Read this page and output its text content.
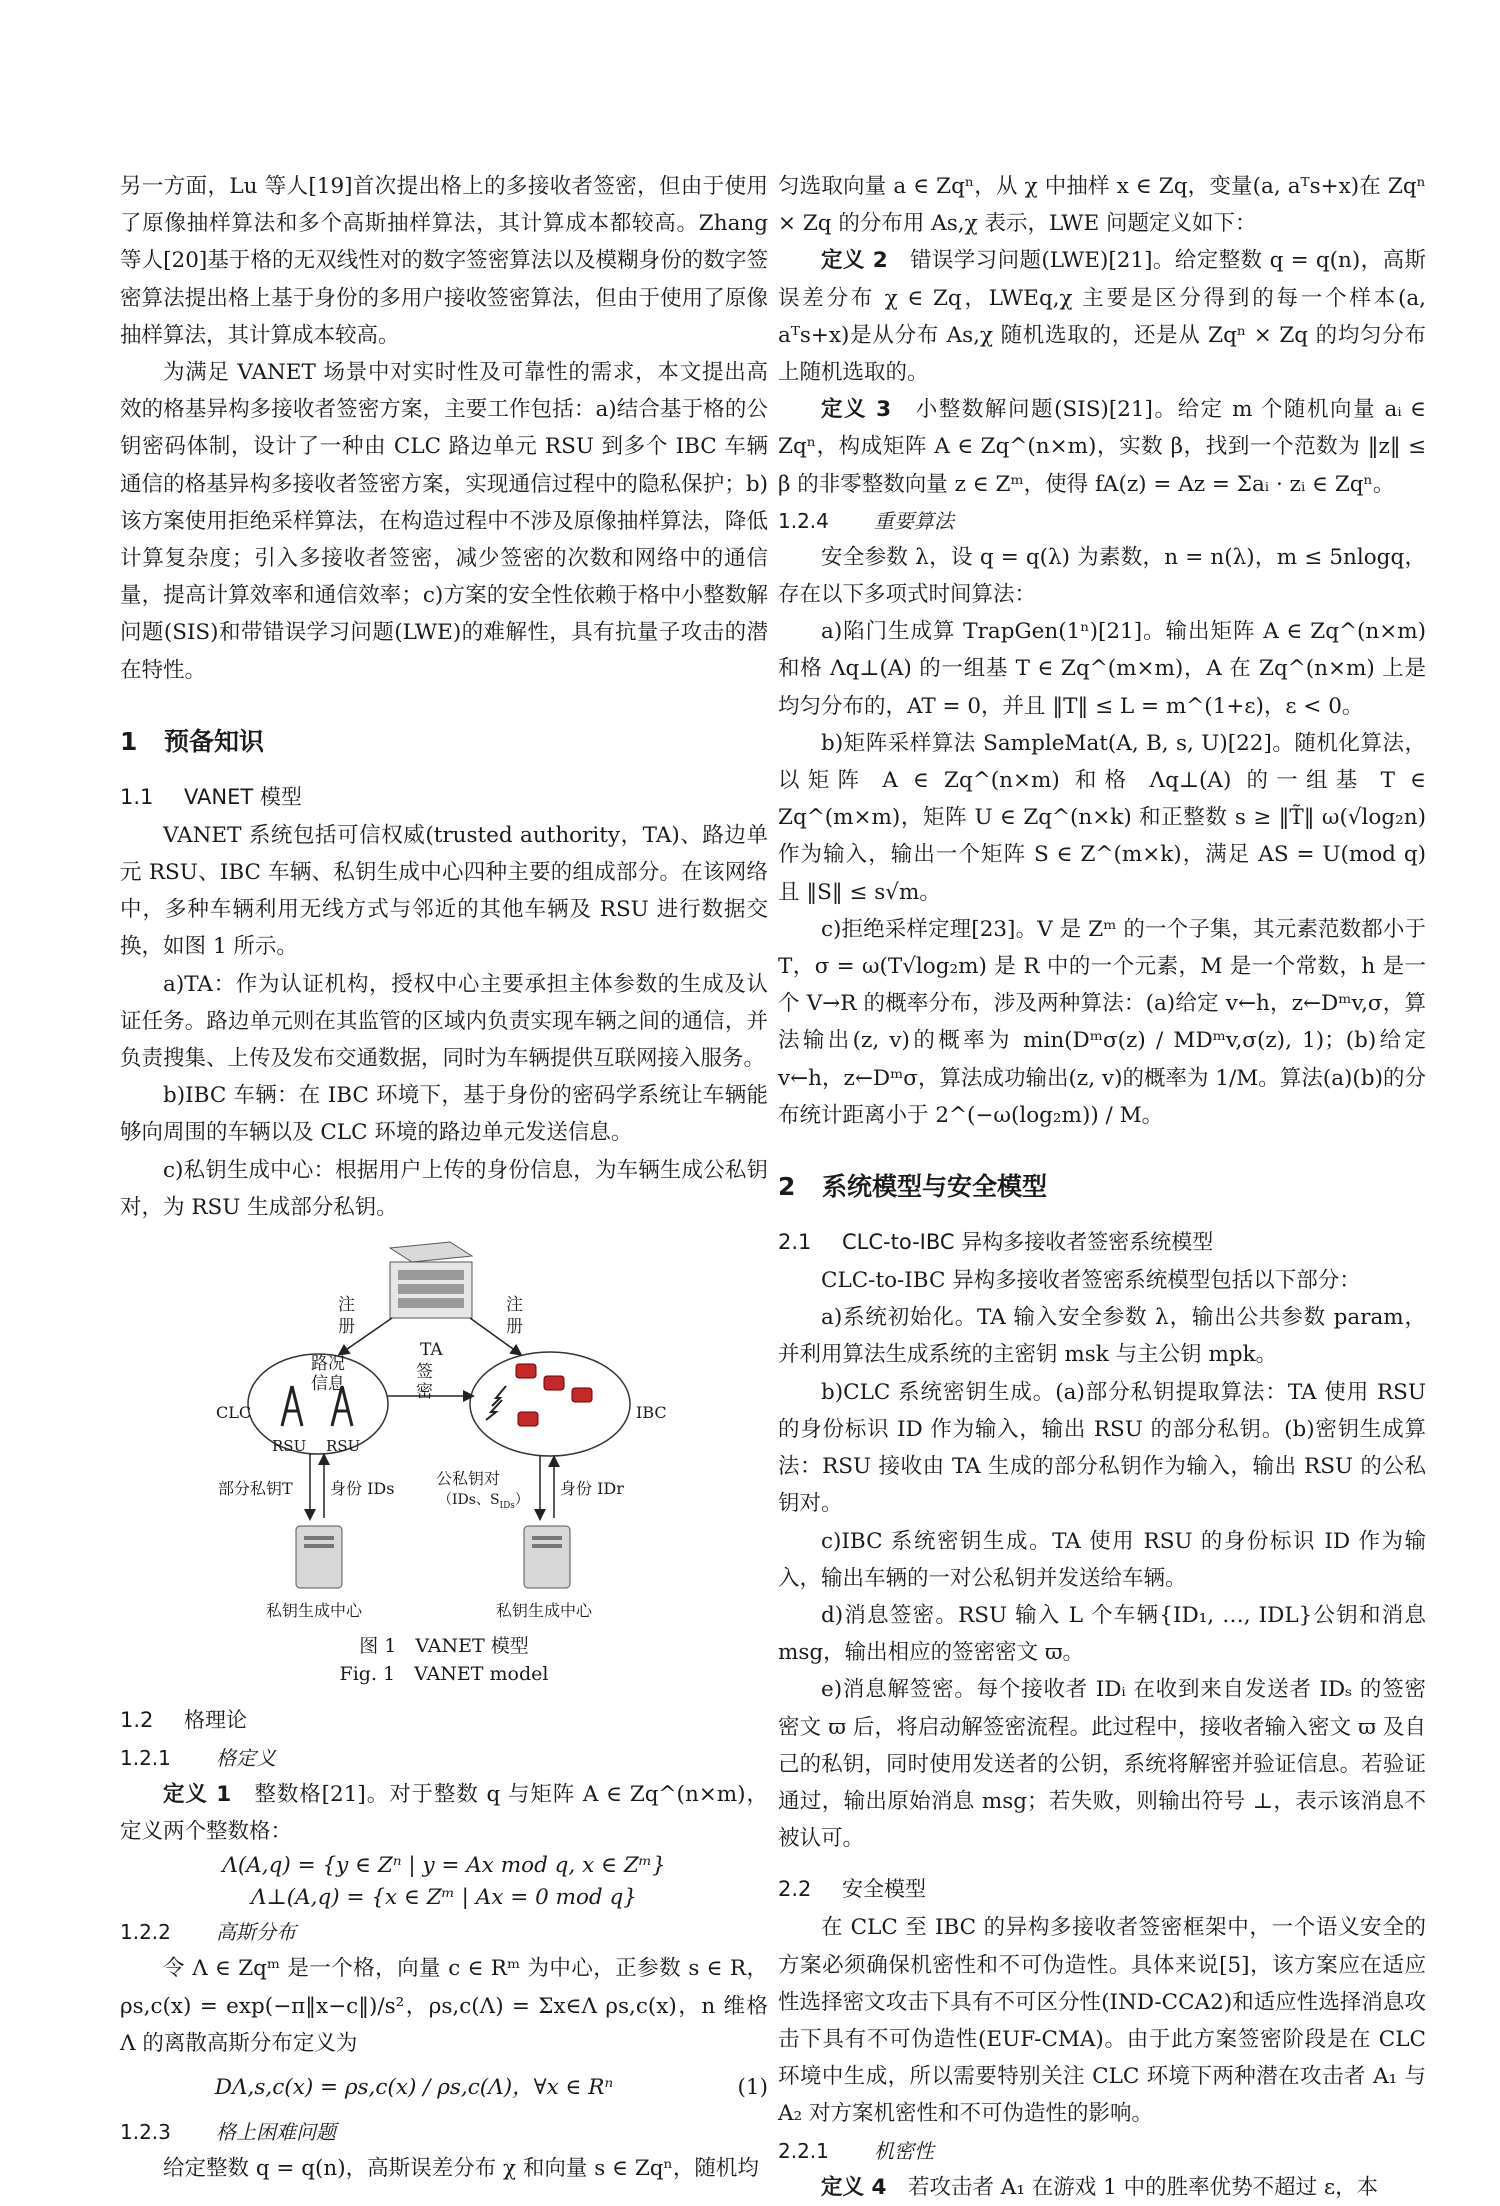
另一方面，Lu 等人[19]首次提出格上的多接收者签密，但由于使用了原像抽样算法和多个高斯抽样算法，其计算成本都较高。Zhang 等人[20]基于格的无双线性对的数字签密算法以及模糊身份的数字签密算法提出格上基于身份的多用户接收签密算法，但由于使用了原像抽样算法，其计算成本较高。

为满足 VANET 场景中对实时性及可靠性的需求，本文提出高效的格基异构多接收者签密方案，主要工作包括：a)结合基于格的公钥密码体制，设计了一种由 CLC 路边单元 RSU 到多个 IBC 车辆通信的格基异构多接收者签密方案，实现通信过程中的隐私保护；b)该方案使用拒绝采样算法，在构造过程中不涉及原像抽样算法，降低计算复杂度；引入多接收者签密，减少签密的次数和网络中的通信量，提高计算效率和通信效率；c)方案的安全性依赖于格中小整数解问题(SIS)和带错误学习问题(LWE)的难解性，具有抗量子攻击的潜在特性。

1 预备知识
1.1 VANET 模型

VANET 系统包括可信权威(trusted authority，TA)、路边单元 RSU、IBC 车辆、私钥生成中心四种主要的组成部分。在该网络中，多种车辆利用无线方式与邻近的其他车辆及 RSU 进行数据交换，如图 1 所示。

a)TA：作为认证机构，授权中心主要承担主体参数的生成及认证任务。路边单元则在其监管的区域内负责实现车辆之间的通信，并负责搜集、上传及发布交通数据，同时为车辆提供互联网接入服务。

b)IBC 车辆：在 IBC 环境下，基于身份的密码学系统让车辆能够向周围的车辆以及 CLC 环境的路边单元发送信息。

c)私钥生成中心：根据用户上传的身份信息，为车辆生成公私钥对，为 RSU 生成部分私钥。

注册
注册
TA
路况信息
签密
CLC	IBC
RSU RSU
部分私钥T 身份 IDs
公私钥对
（IDs、$S_{IDs}$）
身份 IDr
私钥生成中心	私钥生成中心
图 1　VANET 模型
Fig. 1　VANET model
1.2 格理论
1.2.1 格定义

定义 1　整数格[21]。对于整数 q 与矩阵 A ∈ Zq^(n×m)，定义两个整数格：

Λ(A,q) = {y ∈ Zⁿ | y = Ax mod q, x ∈ Zᵐ}
Λ⊥(A,q) = {x ∈ Zᵐ | Ax = 0 mod q}
1.2.2 高斯分布

令 Λ ∈ Zqᵐ 是一个格，向量 c ∈ Rᵐ 为中心，正参数 s ∈ R，ρs,c(x) = exp(−π‖x−c‖)/s²，ρs,c(Λ) = Σx∈Λ ρs,c(x)，n 维格 Λ 的离散高斯分布定义为

DΛ,s,c(x) = ρs,c(x) / ρs,c(Λ)，∀x ∈ Rⁿ	(1)
1.2.3 格上困难问题

给定整数 q = q(n)，高斯误差分布 χ 和向量 s ∈ Zqⁿ，随机均

匀选取向量 a ∈ Zqⁿ，从 χ 中抽样 x ∈ Zq，变量(a, aᵀs+x)在 Zqⁿ × Zq 的分布用 As,χ 表示，LWE 问题定义如下：

定义 2　错误学习问题(LWE)[21]。给定整数 q = q(n)，高斯误差分布 χ ∈ Zq，LWEq,χ 主要是区分得到的每一个样本(a, aᵀs+x)是从分布 As,χ 随机选取的，还是从 Zqⁿ × Zq 的均匀分布上随机选取的。

定义 3　小整数解问题(SIS)[21]。给定 m 个随机向量 aᵢ ∈ Zqⁿ，构成矩阵 A ∈ Zq^(n×m)，实数 β，找到一个范数为 ‖z‖ ≤ β 的非零整数向量 z ∈ Zᵐ，使得 fA(z) = Az = Σaᵢ · zᵢ ∈ Zqⁿ。

1.2.4 重要算法

安全参数 λ，设 q = q(λ) 为素数，n = n(λ)，m ≤ 5nlogq，存在以下多项式时间算法：

a)陷门生成算 TrapGen(1ⁿ)[21]。输出矩阵 A ∈ Zq^(n×m) 和格 Λq⊥(A) 的一组基 T ∈ Zq^(m×m)，A 在 Zq^(n×m) 上是均匀分布的，AT = 0，并且 ‖T‖ ≤ L = m^(1+ε)，ε < 0。

b)矩阵采样算法 SampleMat(A, B, s, U)[22]。随机化算法，以矩阵 A ∈ Zq^(n×m) 和格 Λq⊥(A) 的一组基 T ∈ Zq^(m×m)，矩阵 U ∈ Zq^(n×k) 和正整数 s ≥ ‖T̃‖ ω(√log₂n) 作为输入，输出一个矩阵 S ∈ Z^(m×k)，满足 AS = U(mod q) 且 ‖S‖ ≤ s√m。

c)拒绝采样定理[23]。V 是 Zᵐ 的一个子集，其元素范数都小于 T，σ = ω(T√log₂m) 是 R 中的一个元素，M 是一个常数，h 是一个 V→R 的概率分布，涉及两种算法：(a)给定 v←h，z←Dᵐv,σ，算法输出(z, v)的概率为 min(Dᵐσ(z) / MDᵐv,σ(z), 1)；(b)给定 v←h，z←Dᵐσ，算法成功输出(z, v)的概率为 1/M。算法(a)(b)的分布统计距离小于 2^(−ω(log₂m)) / M。

2 系统模型与安全模型
2.1 CLC-to-IBC 异构多接收者签密系统模型

CLC-to-IBC 异构多接收者签密系统模型包括以下部分：

a)系统初始化。TA 输入安全参数 λ，输出公共参数 param，并利用算法生成系统的主密钥 msk 与主公钥 mpk。

b)CLC 系统密钥生成。(a)部分私钥提取算法：TA 使用 RSU 的身份标识 ID 作为输入，输出 RSU 的部分私钥。(b)密钥生成算法：RSU 接收由 TA 生成的部分私钥作为输入，输出 RSU 的公私钥对。

c)IBC 系统密钥生成。TA 使用 RSU 的身份标识 ID 作为输入，输出车辆的一对公私钥并发送给车辆。

d)消息签密。RSU 输入 L 个车辆{ID₁, …, IDL}公钥和消息 msg，输出相应的签密密文 ϖ。

e)消息解签密。每个接收者 IDᵢ 在收到来自发送者 IDₛ 的签密密文 ϖ 后，将启动解签密流程。此过程中，接收者输入密文 ϖ 及自己的私钥，同时使用发送者的公钥，系统将解密并验证信息。若验证通过，输出原始消息 msg；若失败，则输出符号 ⊥，表示该消息不被认可。

2.2 安全模型

在 CLC 至 IBC 的异构多接收者签密框架中，一个语义安全的方案必须确保机密性和不可伪造性。具体来说[5]，该方案应在适应性选择密文攻击下具有不可区分性(IND-CCA2)和适应性选择消息攻击下具有不可伪造性(EUF-CMA)。由于此方案签密阶段是在 CLC 环境中生成，所以需要特别关注 CLC 环境下两种潜在攻击者 A₁ 与 A₂ 对方案机密性和不可伪造性的影响。

2.2.1 机密性

定义 4　若攻击者 A₁ 在游戏 1 中的胜率优势不超过 ε，本
